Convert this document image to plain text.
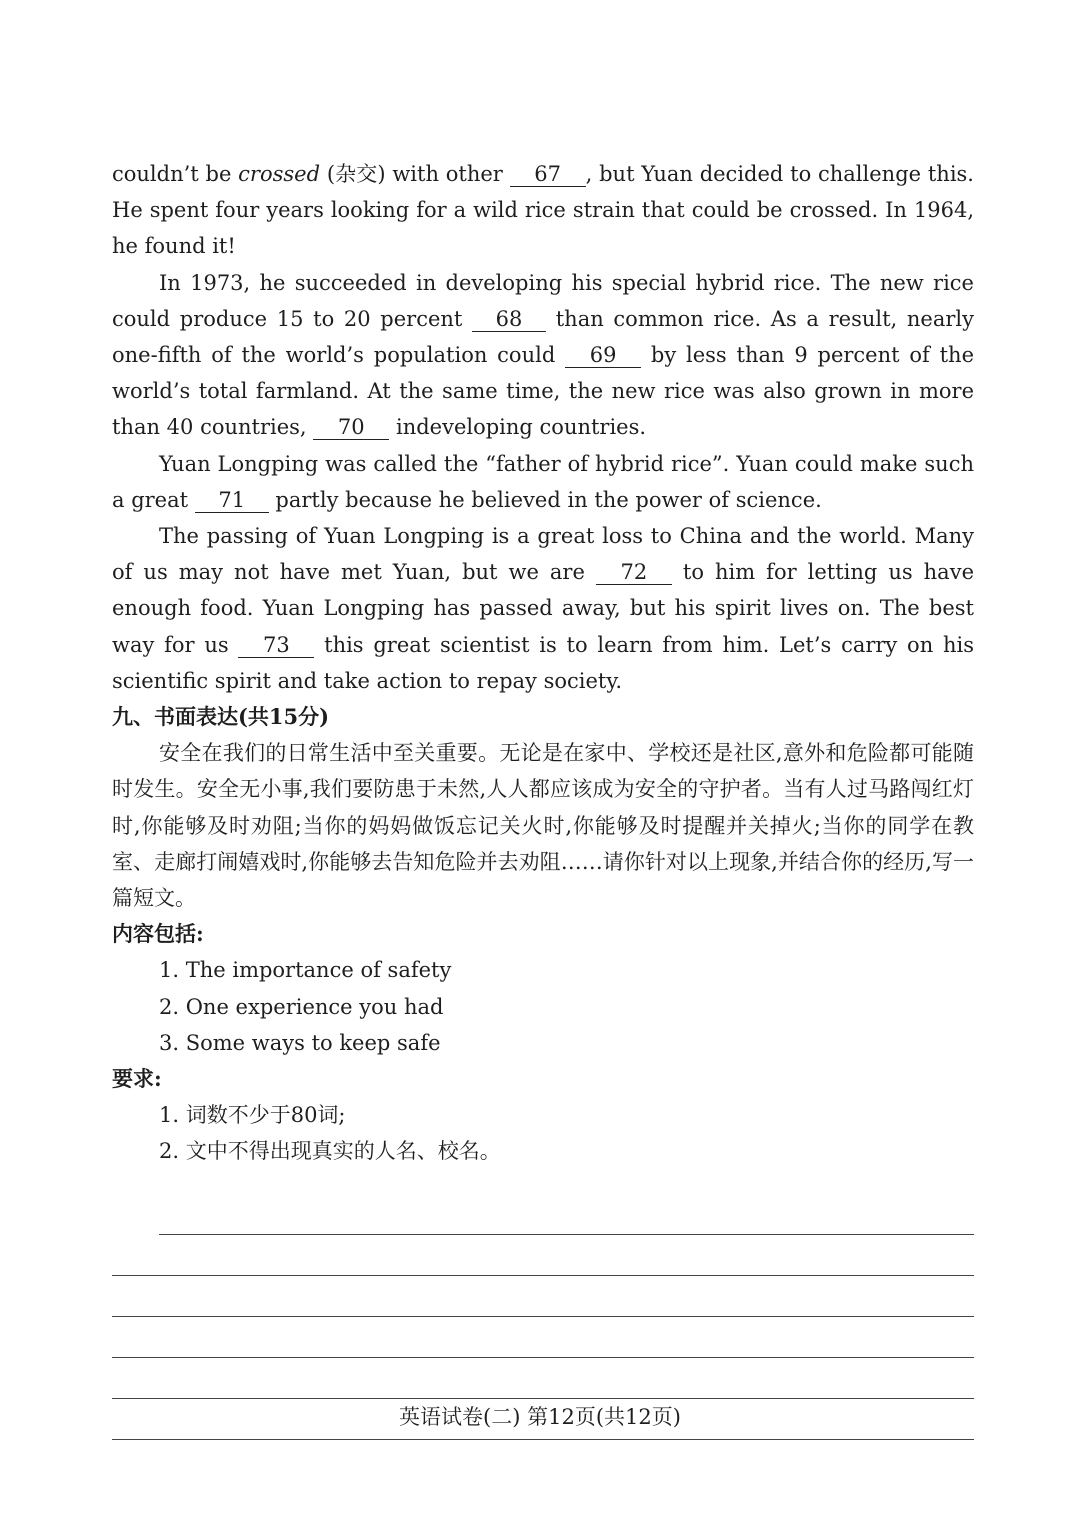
couldn’t be crossed (杂交) with other 67 , but Yuan decided to challenge this. He spent four years looking for a wild rice strain that could be crossed. In 1964, he found it!

In 1973, he succeeded in developing his special hybrid rice. The new rice could produce 15 to 20 percent 68 than common rice. As a result, nearly one-fifth of the world’s population could 69 by less than 9 percent of the world’s total farmland. At the same time, the new rice was also grown in more than 40 countries, 70 indeveloping countries.

Yuan Longping was called the “father of hybrid rice”. Yuan could make such a great 71 partly because he believed in the power of science.

The passing of Yuan Longping is a great loss to China and the world. Many of us may not have met Yuan, but we are 72 to him for letting us have enough food. Yuan Longping has passed away, but his spirit lives on. The best way for us 73 this great scientist is to learn from him. Let’s carry on his scientific spirit and take action to repay society.

九、书面表达(共15分)

安全在我们的日常生活中至关重要。无论是在家中、学校还是社区,意外和危险都可能随时发生。安全无小事,我们要防患于未然,人人都应该成为安全的守护者。当有人过马路闯红灯时,你能够及时劝阻;当你的妈妈做饭忘记关火时,你能够及时提醒并关掉火;当你的同学在教室、走廊打闹嬉戏时,你能够去告知危险并去劝阻……请你针对以上现象,并结合你的经历,写一篇短文。

内容包括:

1. The importance of safety
2. One experience you had
3. Some ways to keep safe

要求:

1. 词数不少于80词;
2. 文中不得出现真实的人名、校名。
英语试卷(二) 第12页(共12页)
